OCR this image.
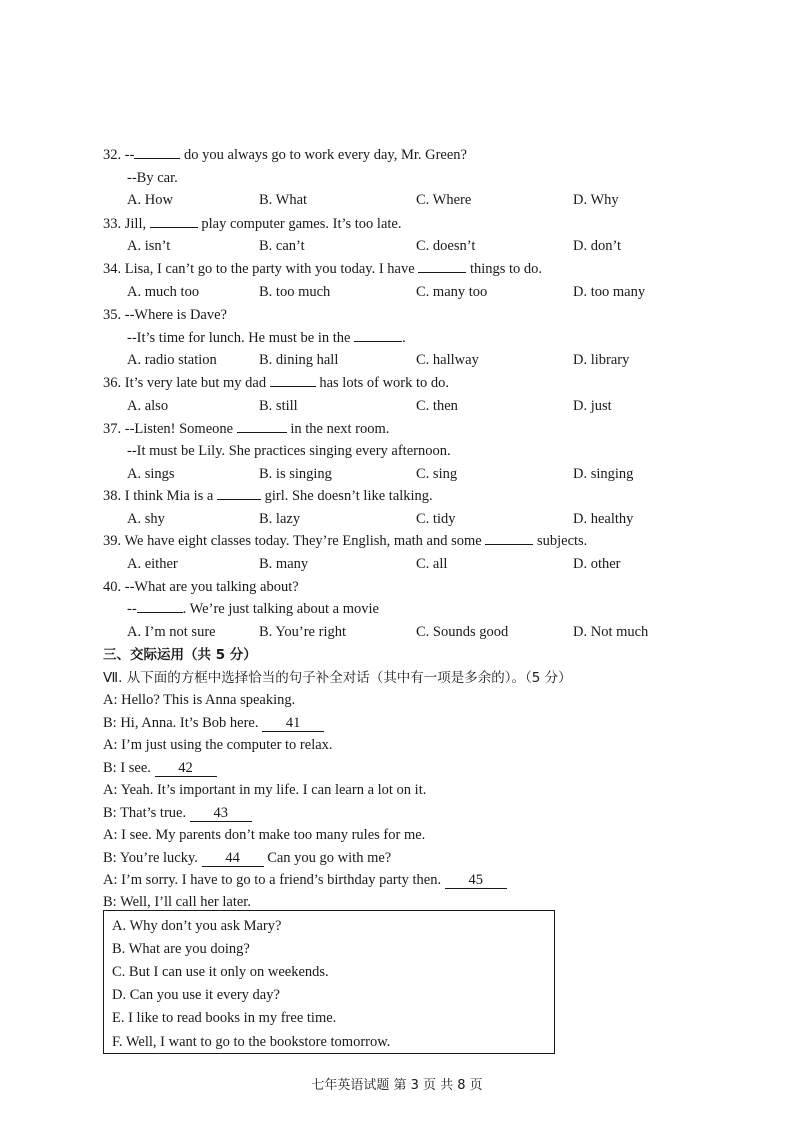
32. --	do you always go to work every day, Mr. Green?
--By car.
A. How	B. What	C. Where	D. Why
33. Jill,	play computer games. It’s too late.
A. isn’t	B. can’t	C. doesn’t	D. don’t
34. Lisa, I can’t go to the party with you today. I have	things to do.
A. much too	B. too much	C. many too	D. too many
35. --Where is Dave?
--It’s time for lunch. He must be in the	.
A. radio station	B. dining hall	C. hallway	D. library
36. It’s very late but my dad	has lots of work to do.
A. also	B. still	C. then	D. just
37. --Listen! Someone	in the next room.
--It must be Lily. She practices singing every afternoon.
A. sings	B. is singing	C. sing	D. singing
38. I think Mia is a	girl. She doesn’t like talking.
A. shy	B. lazy	C. tidy	D. healthy
39. We have eight classes today. They’re English, math and some	subjects.
A. either	B. many	C. all	D. other
40. --What are you talking about?
--	. We’re just talking about a movie
A. I’m not sure	B. You’re right	C. Sounds good	D. Not much
三、交际运用（共 5 分）
Ⅶ. 从下面的方框中选择恰当的句子补全对话（其中有一项是多余的）。（5 分）
A: Hello? This is Anna speaking.
B: Hi, Anna. It’s Bob here. 41
A: I’m just using the computer to relax.
B: I see. 42
A: Yeah. It’s important in my life. I can learn a lot on it.
B: That’s true. 43
A: I see. My parents don’t make too many rules for me.
B: You’re lucky. 44 Can you go with me?
A: I’m sorry. I have to go to a friend’s birthday party then. 45
B: Well, I’ll call her later.
A. Why don’t you ask Mary?
B. What are you doing?
C. But I can use it only on weekends.
D. Can you use it every day?
E. I like to read books in my free time.
F. Well, I want to go to the bookstore tomorrow.
七年英语试题 第 3 页 共 8 页
